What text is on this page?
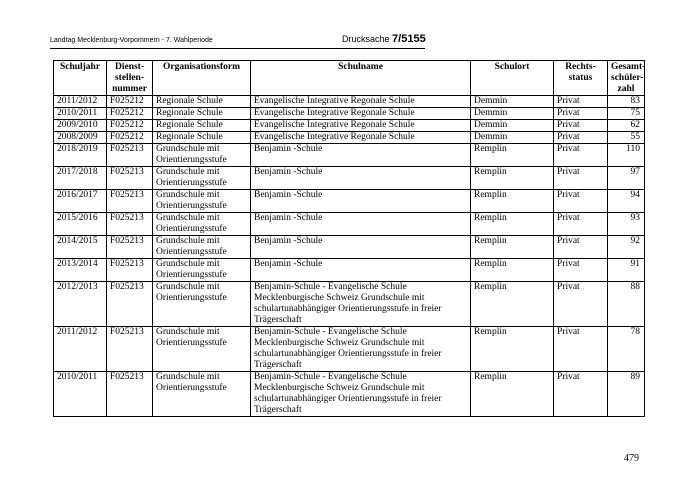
Landtag Mecklenburg-Vorpommern - 7. Wahlperiode	Drucksache 7/5155
Schuljahr	Dienst-
stellen-
nummer	Organisationsform	Schulname	Schulort	Rechts-
status	Gesamt-
schüler-
zahl
2011/2012	F025212	Regionale Schule	Evangelische Integrative Regonale Schule	Demmin	Privat	83
2010/2011	F025212	Regionale Schule	Evangelische Integrative Regonale Schule	Demmin	Privat	75
2009/2010	F025212	Regionale Schule	Evangelische Integrative Regonale Schule	Demmin	Privat	62
2008/2009	F025212	Regionale Schule	Evangelische Integrative Regonale Schule	Demmin	Privat	55
2018/2019	F025213	Grundschule mit
Orientierungsstufe	Benjamin -Schule	Remplin	Privat	110
2017/2018	F025213	Grundschule mit
Orientierungsstufe	Benjamin -Schule	Remplin	Privat	97
2016/2017	F025213	Grundschule mit
Orientierungsstufe	Benjamin -Schule	Remplin	Privat	94
2015/2016	F025213	Grundschule mit
Orientierungsstufe	Benjamin -Schule	Remplin	Privat	93
2014/2015	F025213	Grundschule mit
Orientierungsstufe	Benjamin -Schule	Remplin	Privat	92
2013/2014	F025213	Grundschule mit
Orientierungsstufe	Benjamin -Schule	Remplin	Privat	91
2012/2013	F025213	Grundschule mit
Orientierungsstufe	Benjamin-Schule - Evangelische Schule
Mecklenburgische Schweiz Grundschule mit
schulartunabhängiger Orientierungsstufe in freier
Trägerschaft	Remplin	Privat	88
2011/2012	F025213	Grundschule mit
Orientierungsstufe	Benjamin-Schule - Evangelische Schule
Mecklenburgische Schweiz Grundschule mit
schulartunabhängiger Orientierungsstufe in freier
Trägerschaft	Remplin	Privat	78
2010/2011	F025213	Grundschule mit
Orientierungsstufe	Benjamin-Schule - Evangelische Schule
Mecklenburgische Schweiz Grundschule mit
schulartunabhängiger Orientierungsstufe in freier
Trägerschaft	Remplin	Privat	89
479
